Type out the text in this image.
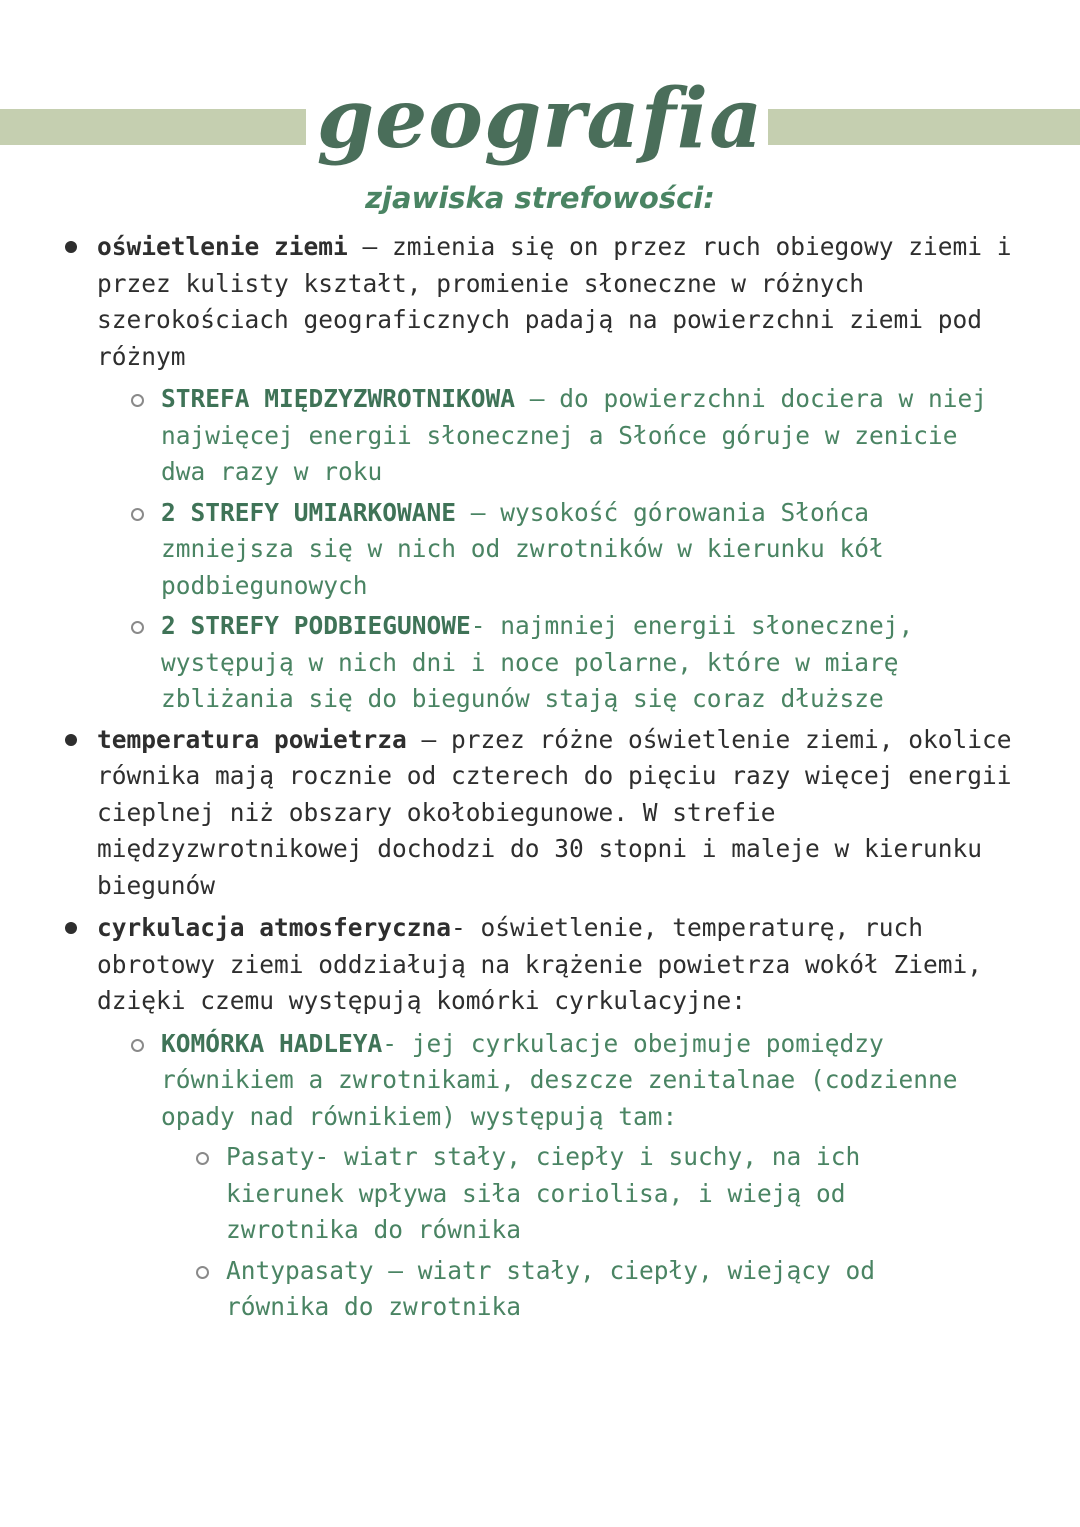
geografia
zjawiska strefowości:
oświetlenie ziemi – zmienia się on przez ruch obiegowy ziemi i przez kulisty kształt, promienie słoneczne w różnych szerokościach geograficznych padają na powierzchni ziemi pod różnym
STREFA MIĘDZYZWROTNIKOWA – do powierzchni dociera w niej najwięcej energii słonecznej a Słońce góruje w zenicie dwa razy w roku
2 STREFY UMIARKOWANE – wysokość górowania Słońca zmniejsza się w nich od zwrotników w kierunku kół podbiegunowych
2 STREFY PODBIEGUNOWE- najmniej energii słonecznej, występują w nich dni i noce polarne, które w miarę zbliżania się do biegunów stają się coraz dłuższe
temperatura powietrza – przez różne oświetlenie ziemi, okolice równika mają rocznie od czterech do pięciu razy więcej energii cieplnej niż obszary okołobiegunowe. W strefie międzyzwrotnikowej dochodzi do 30 stopni i maleje w kierunku biegunów
cyrkulacja atmosferyczna- oświetlenie, temperaturę, ruch obrotowy ziemi oddziałują na krążenie powietrza wokół Ziemi, dzięki czemu występują komórki cyrkulacyjne:
KOMÓRKA HADLEYA- jej cyrkulacje obejmuje pomiędzy równikiem a zwrotnikami, deszcze zenitalnae (codzienne opady nad równikiem) występują tam:
Pasaty- wiatr stały, ciepły i suchy, na ich kierunek wpływa siła coriolisa, i wieją od zwrotnika do równika
Antypasaty – wiatr stały, ciepły, wiejący od równika do zwrotnika
